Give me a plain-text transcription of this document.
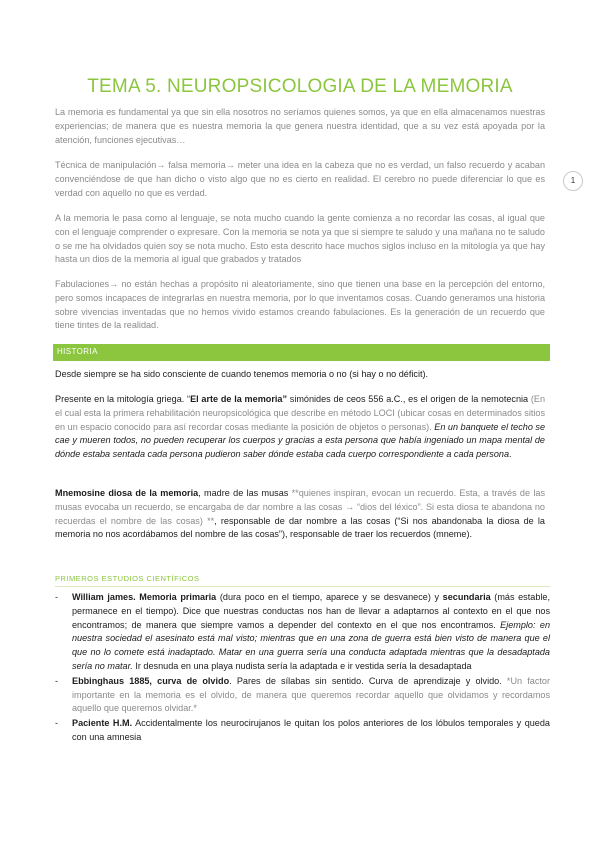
TEMA 5. NEUROPSICOLOGIA DE LA MEMORIA
1

La memoria es fundamental ya que sin ella nosotros no seríamos quienes somos, ya que en ella almacenamos nuestras experiencias; de manera que es nuestra memoria la que genera nuestra identidad, que a su vez está apoyada por la atención, funciones ejecutivas…

Técnica de manipulación→ falsa memoria→ meter una idea en la cabeza que no es verdad, un falso recuerdo y acaban convenciéndose de que han dicho o visto algo que no es cierto en realidad. El cerebro no puede diferenciar lo que es verdad con aquello no que es verdad.

A la memoria le pasa como al lenguaje, se nota mucho cuando la gente comienza a no recordar las cosas, al igual que con el lenguaje comprender o expresare. Con la memoria se nota ya que si siempre te saludo y una mañana no te saludo o se me ha olvidados quien soy se nota mucho. Esto esta descrito hace muchos siglos incluso en la mitología ya que hay hasta un dios de la memoria al igual que grabados y tratados

Fabulaciones→ no están hechas a propósito ni aleatoriamente, sino que tienen una base en la percepción del entorno, pero somos incapaces de integrarlas en nuestra memoria, por lo que inventamos cosas. Cuando generamos una historia sobre vivencias inventadas que no hemos vivido estamos creando fabulaciones. Es la generación de un recuerdo que tiene tintes de la realidad.

HISTORIA

Desde siempre se ha sido consciente de cuando tenemos memoria o no (si hay o no déficit).

Presente en la mitología griega. “El arte de la memoria” simónides de ceos 556 a.C., es el origen de la nemotecnia (En el cual esta la primera rehabilitación neuropsicológica que describe en método LOCI (ubicar cosas en determinados sitios en un espacio conocido para así recordar cosas mediante la posición de objetos o personas). En un banquete el techo se cae y mueren todos, no pueden recuperar los cuerpos y gracias a esta persona que había ingeniado un mapa mental de dónde estaba sentada cada persona pudieron saber dónde estaba cada cuerpo correspondiente a cada persona.

Mnemosine diosa de la memoria, madre de las musas **quienes inspiran, evocan un recuerdo. Esta, a través de las musas evocaba un recuerdo, se encargaba de dar nombre a las cosas → “dios del léxico”. Si esta diosa te abandona no recuerdas el nombre de las cosas) **, responsable de dar nombre a las cosas (“Si nos abandonaba la diosa de la memoria no nos acordábamos del nombre de las cosas”), responsable de traer los recuerdos (mneme).

PRIMEROS ESTUDIOS CIENTÍFICOS
- William james. Memoria primaria (dura poco en el tiempo, aparece y se desvanece) y secundaria (más estable, permanece en el tiempo). Dice que nuestras conductas nos han de llevar a adaptarnos al contexto en el que nos encontramos; de manera que siempre vamos a depender del contexto en el que nos encontramos. Ejemplo: en nuestra sociedad el asesinato está mal visto; mientras que en una zona de guerra está bien visto de manera que el que no lo comete está inadaptado. Matar en una guerra sería una conducta adaptada mientras que la desadaptada sería no matar. Ir desnuda en una playa nudista sería la adaptada e ir vestida sería la desadaptada
- Ebbinghaus 1885, curva de olvido. Pares de sílabas sin sentido. Curva de aprendizaje y olvido. *Un factor importante en la memoria es el olvido, de manera que queremos recordar aquello que olvidamos y recordamos aquello que queremos olvidar.*
- Paciente H.M. Accidentalmente los neurocirujanos le quitan los polos anteriores de los lóbulos temporales y queda con una amnesia
